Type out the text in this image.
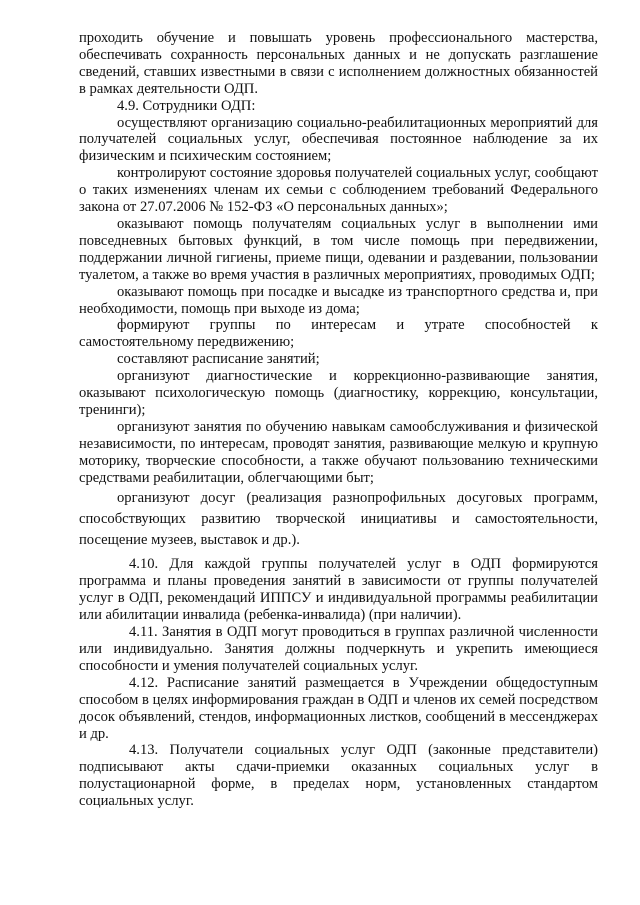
проходить обучение и повышать уровень профессионального мастерства, обеспечивать сохранность персональных данных и не допускать разглашение сведений, ставших известными в связи с исполнением должностных обязанностей в рамках деятельности ОДП.

4.9. Сотрудники ОДП:

осуществляют организацию социально-реабилитационных мероприятий для получателей социальных услуг, обеспечивая постоянное наблюдение за их физическим и психическим состоянием;

контролируют состояние здоровья получателей социальных услуг, сообщают о таких изменениях членам их семьи с соблюдением требований Федерального закона от 27.07.2006 № 152-ФЗ «О персональных данных»;

оказывают помощь получателям социальных услуг в выполнении ими повседневных бытовых функций, в том числе помощь при передвижении, поддержании личной гигиены, приеме пищи, одевании и раздевании, пользовании туалетом, а также во время участия в различных мероприятиях, проводимых ОДП;

оказывают помощь при посадке и высадке из транспортного средства и, при необходимости, помощь при выходе из дома;

формируют группы по интересам и утрате способностей к самостоятельному передвижению;

составляют расписание занятий;

организуют диагностические и коррекционно-развивающие занятия, оказывают психологическую помощь (диагностику, коррекцию, консультации, тренинги);

организуют занятия по обучению навыкам самообслуживания и физической независимости, по интересам, проводят занятия, развивающие мелкую и крупную моторику, творческие способности, а также обучают пользованию техническими средствами реабилитации, облегчающими быт;

организуют досуг (реализация разнопрофильных досуговых программ, способствующих развитию творческой инициативы и самостоятельности, посещение музеев, выставок и др.).

4.10. Для каждой группы получателей услуг в ОДП формируются программа и планы проведения занятий в зависимости от группы получателей услуг в ОДП, рекомендаций ИППСУ и индивидуальной программы реабилитации или абилитации инвалида (ребенка-инвалида) (при наличии).

4.11. Занятия в ОДП могут проводиться в группах различной численности или индивидуально. Занятия должны подчеркнуть и укрепить имеющиеся способности и умения получателей социальных услуг.

4.12. Расписание занятий размещается в Учреждении общедоступным способом в целях информирования граждан в ОДП и членов их семей посредством досок объявлений, стендов, информационных листков, сообщений в мессенджерах и др.

4.13. Получатели социальных услуг ОДП (законные представители) подписывают акты сдачи-приемки оказанных социальных услуг в полустационарной форме, в пределах норм, установленных стандартом социальных услуг.
